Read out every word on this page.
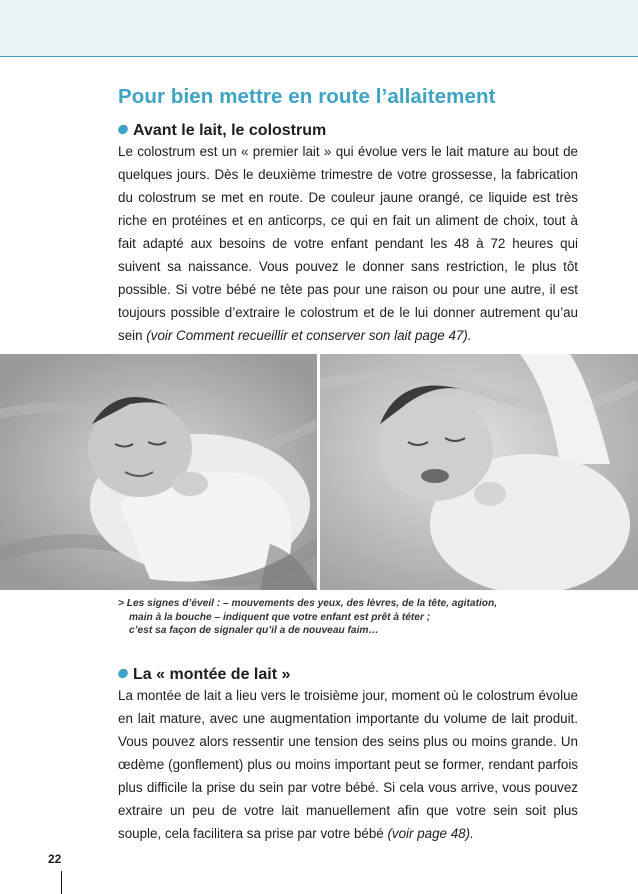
Pour bien mettre en route l’allaitement
Avant le lait, le colostrum
Le colostrum est un « premier lait » qui évolue vers le lait mature au bout de quelques jours. Dès le deuxième trimestre de votre grossesse, la fabrication du colostrum se met en route. De couleur jaune orangé, ce liquide est très riche en protéines et en anticorps, ce qui en fait un aliment de choix, tout à fait adapté aux besoins de votre enfant pendant les 48 à 72 heures qui suivent sa naissance. Vous pouvez le donner sans restriction, le plus tôt possible. Si votre bébé ne tète pas pour une raison ou pour une autre, il est toujours possible d’extraire le colostrum et de le lui donner autrement qu’au sein (voir Comment recueillir et conserver son lait page 47).
> Les signes d’éveil : – mouvements des yeux, des lèvres, de la tête, agitation,
main à la bouche – indiquent que votre enfant est prêt à téter ;
c’est sa façon de signaler qu’il a de nouveau faim…
La « montée de lait »
La montée de lait a lieu vers le troisième jour, moment où le colostrum évolue en lait mature, avec une augmentation importante du volume de lait produit. Vous pouvez alors ressentir une tension des seins plus ou moins grande. Un œdème (gonflement) plus ou moins important peut se former, rendant parfois plus difficile la prise du sein par votre bébé. Si cela vous arrive, vous pouvez extraire un peu de votre lait manuellement afin que votre sein soit plus souple, cela facilitera sa prise par votre bébé (voir page 48).
22
